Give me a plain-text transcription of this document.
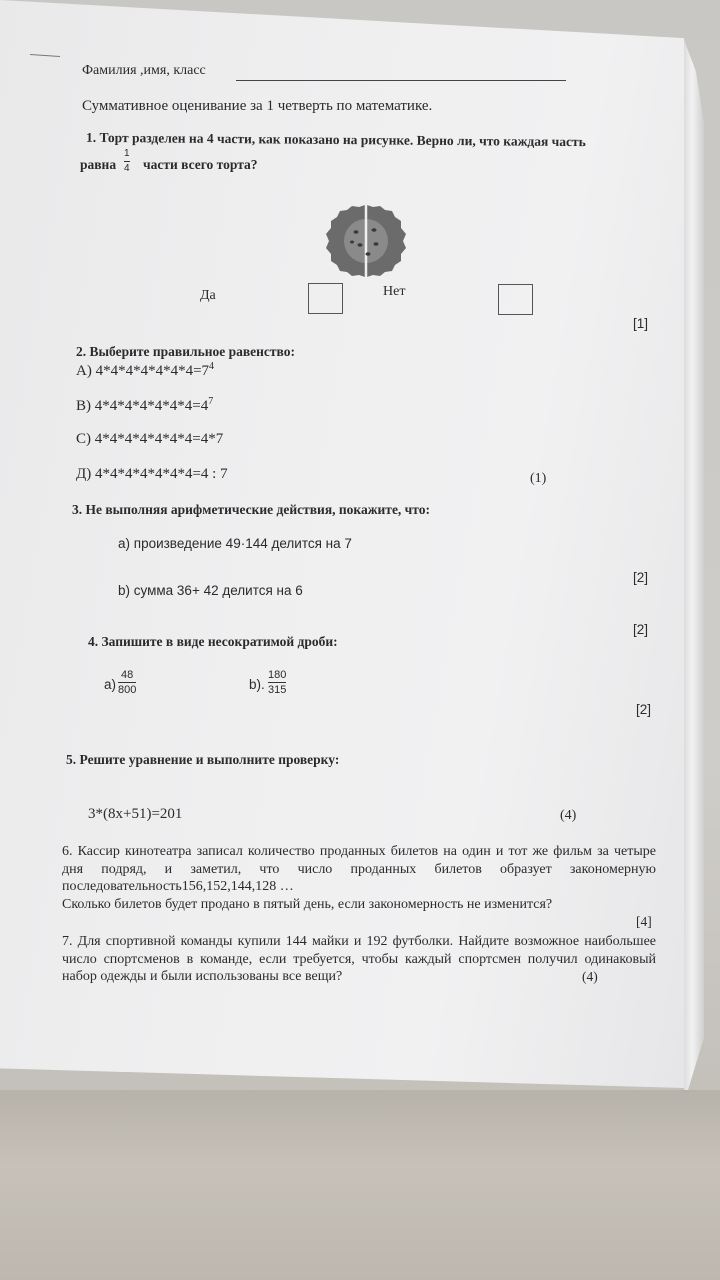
Фамилия ,имя, класс
Суммативное оценивание за 1 четверть по математике.
1. Торт разделен на 4 части, как показано на рисунке. Верно ли, что каждая часть
равна
1
4 части всего торта?
Да	Нет
[1]
2. Выберите правильное равенство:
А) $4*4*4*4*4*4*4=7^4$
В) $4*4*4*4*4*4*4=4^7$
С) 4*4*4*4*4*4*4=4*7
Д) 4*4*4*4*4*4*4=4 : 7	(1)
3. Не выполняя арифметические действия, покажите, что:
а) произведение 49·144 делится на 7
[2]
b) сумма 36+ 42 делится на 6
[2]
4. Запишите в виде несократимой дроби:
а)
48
800	b).
180
315
[2]
5. Решите уравнение и выполните проверку:
3*(8x+51)=201	(4)
6. Кассир кинотеатра записал количество проданных билетов на один и тот же фильм за четыре дня подряд, и заметил, что число проданных билетов образует закономерную последовательность156,152,144,128 …
Сколько билетов будет продано в пятый день, если закономерность не изменится?
[4]
7. Для спортивной команды купили 144 майки и 192 футболки. Найдите возможное наибольшее число спортсменов в команде, если требуется, чтобы каждый спортсмен получил одинаковый набор одежды и были использованы все вещи?	(4)
